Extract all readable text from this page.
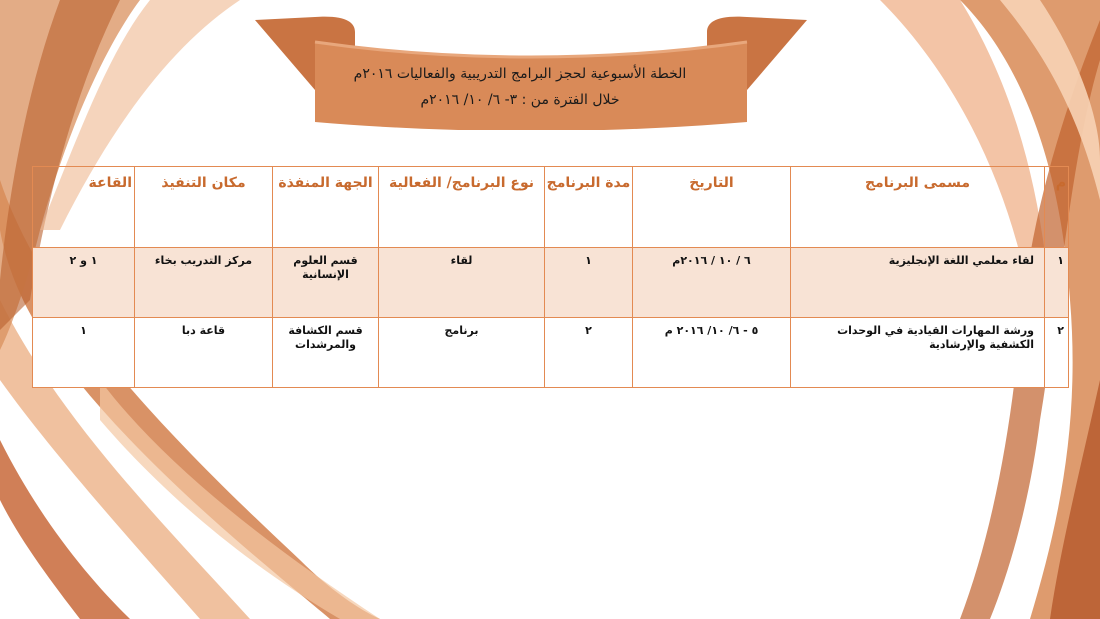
الخطة الأسبوعية لحجز البرامج التدريبية والفعاليات ٢٠١٦م
خلال الفترة من : ٣- ٦/ ١٠/ ٢٠١٦م
م	مسمى البرنامج	التاريخ	مدة البرنامج	نوع البرنامج/ الفعالية	الجهة المنفذة	مكان التنفيذ	القاعة
١	لقاء معلمي اللغة الإنجليزية	٦ / ١٠ / ٢٠١٦م	١	لقاء	قسم العلوم الإنسانية	مركز التدريب بخاء	١ و ٢
٢	ورشة المهارات القيادية في الوحدات الكشفية والإرشادية	٥ - ٦/ ١٠/ ٢٠١٦ م	٢	برنامج	قسم الكشافة والمرشدات	قاعة دبا	١
